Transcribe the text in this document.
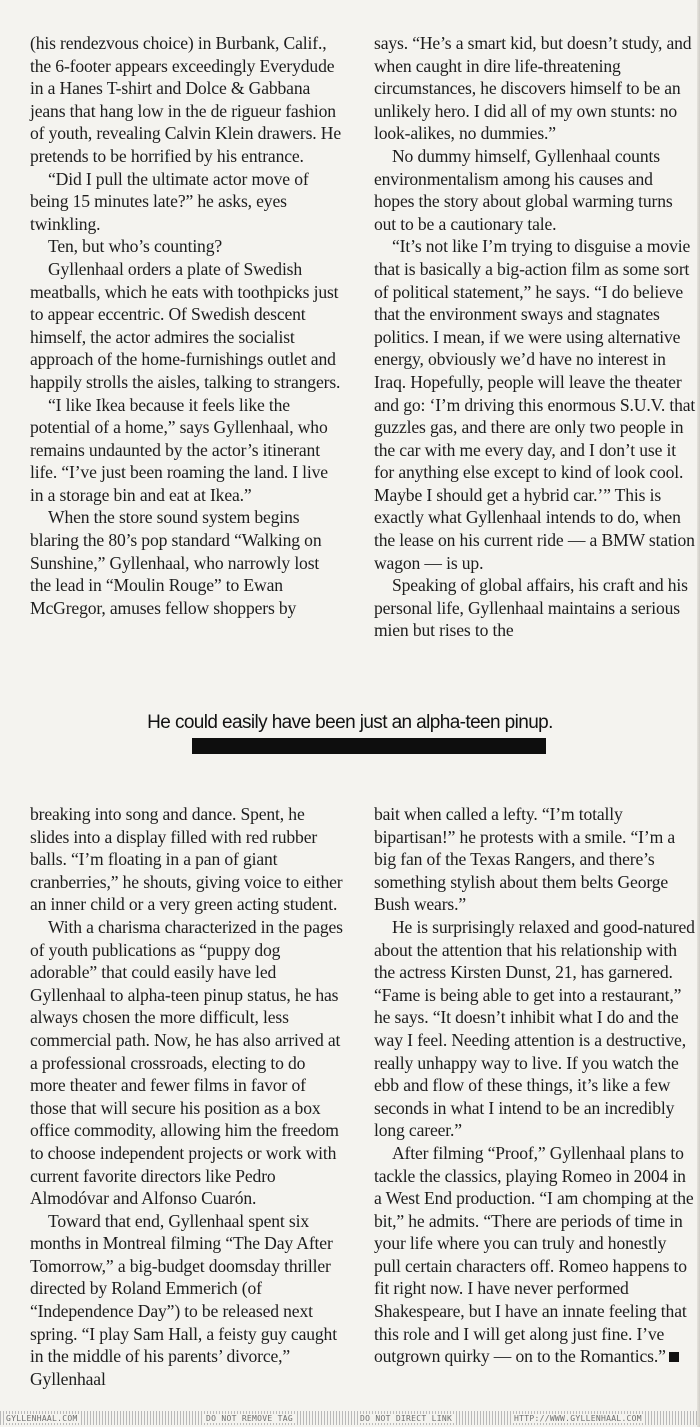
(his rendezvous choice) in Burbank, Calif., the 6-footer appears exceedingly Everydude in a Hanes T-shirt and Dolce & Gabbana jeans that hang low in the de rigueur fashion of youth, revealing Calvin Klein drawers. He pretends to be horrified by his entrance.

“Did I pull the ultimate actor move of being 15 minutes late?” he asks, eyes twinkling.

Ten, but who’s counting?

Gyllenhaal orders a plate of Swedish meatballs, which he eats with toothpicks just to appear eccentric. Of Swedish descent himself, the actor admires the socialist approach of the home-furnishings outlet and happily strolls the aisles, talking to strangers.

“I like Ikea because it feels like the potential of a home,” says Gyllenhaal, who remains undaunted by the actor’s itinerant life. “I’ve just been roaming the land. I live in a storage bin and eat at Ikea.”

When the store sound system begins blaring the 80’s pop standard “Walking on Sunshine,” Gyllenhaal, who narrowly lost the lead in “Moulin Rouge” to Ewan McGregor, amuses fellow shoppers by

says. “He’s a smart kid, but doesn’t study, and when caught in dire life-threatening circumstances, he discovers himself to be an unlikely hero. I did all of my own stunts: no look-alikes, no dummies.”

No dummy himself, Gyllenhaal counts environmentalism among his causes and hopes the story about global warming turns out to be a cautionary tale.

“It’s not like I’m trying to disguise a movie that is basically a big-action film as some sort of political statement,” he says. “I do believe that the environment sways and stagnates politics. I mean, if we were using alternative energy, obviously we’d have no interest in Iraq. Hopefully, people will leave the theater and go: ‘I’m driving this enormous S.U.V. that guzzles gas, and there are only two people in the car with me every day, and I don’t use it for anything else except to kind of look cool. Maybe I should get a hybrid car.’” This is exactly what Gyllenhaal intends to do, when the lease on his current ride — a BMW station wagon — is up.

Speaking of global affairs, his craft and his personal life, Gyllenhaal maintains a serious mien but rises to the

He could easily have been just an alpha-teen pinup.

breaking into song and dance. Spent, he slides into a display filled with red rubber balls. “I’m floating in a pan of giant cranberries,” he shouts, giving voice to either an inner child or a very green acting student.

With a charisma characterized in the pages of youth publications as “puppy dog adorable” that could easily have led Gyllenhaal to alpha-teen pinup status, he has always chosen the more difficult, less commercial path. Now, he has also arrived at a professional crossroads, electing to do more theater and fewer films in favor of those that will secure his position as a box office commodity, allowing him the freedom to choose independent projects or work with current favorite directors like Pedro Almodóvar and Alfonso Cuarón.

Toward that end, Gyllenhaal spent six months in Montreal filming “The Day After Tomorrow,” a big-budget doomsday thriller directed by Roland Emmerich (of “Independence Day”) to be released next spring. “I play Sam Hall, a feisty guy caught in the middle of his parents’ divorce,” Gyllenhaal

bait when called a lefty. “I’m totally bipartisan!” he protests with a smile. “I’m a big fan of the Texas Rangers, and there’s something stylish about them belts George Bush wears.”

He is surprisingly relaxed and good-natured about the attention that his relationship with the actress Kirsten Dunst, 21, has garnered. “Fame is being able to get into a restaurant,” he says. “It doesn’t inhibit what I do and the way I feel. Needing attention is a destructive, really unhappy way to live. If you watch the ebb and flow of these things, it’s like a few seconds in what I intend to be an incredibly long career.”

After filming “Proof,” Gyllenhaal plans to tackle the classics, playing Romeo in 2004 in a West End production. “I am chomping at the bit,” he admits. “There are periods of time in your life where you can truly and honestly pull certain characters off. Romeo happens to fit right now. I have never performed Shakespeare, but I have an innate feeling that this role and I will get along just fine. I’ve outgrown quirky — on to the Romantics.”

GYLLENHAAL.COM	DO NOT REMOVE TAG	DO NOT DIRECT LINK	HTTP://WWW.GYLLENHAAL.COM
